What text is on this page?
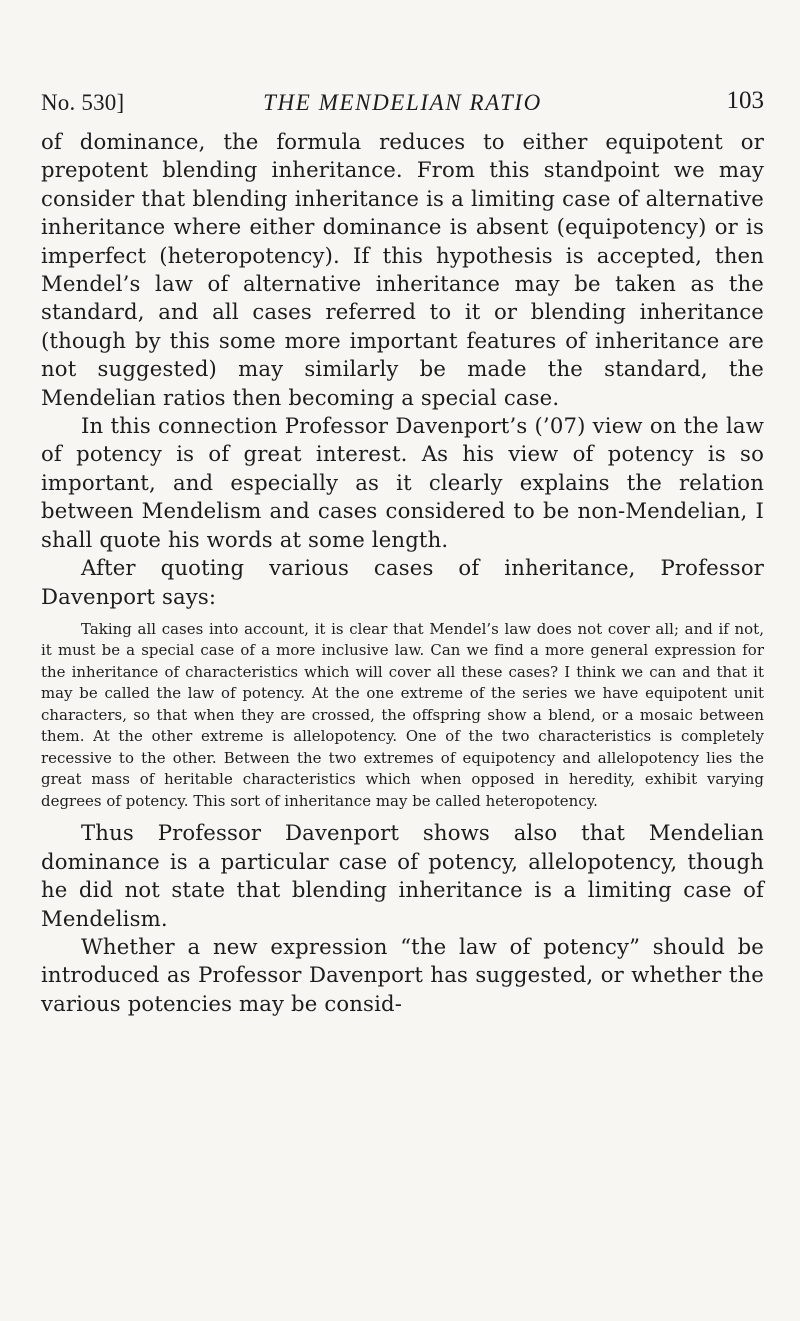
No. 530]	THE MENDELIAN RATIO	103

of dominance, the formula reduces to either equipotent or prepotent blending inheritance. From this standpoint we may consider that blending inheritance is a limiting case of alternative inheritance where either dominance is absent (equipotency) or is imperfect (heteropotency). If this hypothesis is accepted, then Mendel’s law of alternative inheritance may be taken as the standard, and all cases referred to it or blending inheritance (though by this some more important features of inheritance are not suggested) may similarly be made the standard, the Mendelian ratios then becoming a special case.

In this connection Professor Davenport’s (’07) view on the law of potency is of great interest. As his view of potency is so important, and especially as it clearly explains the relation between Mendelism and cases considered to be non-Mendelian, I shall quote his words at some length.

After quoting various cases of inheritance, Professor Davenport says:

Taking all cases into account, it is clear that Mendel’s law does not cover all; and if not, it must be a special case of a more inclusive law. Can we find a more general expression for the inheritance of characteristics which will cover all these cases? I think we can and that it may be called the law of potency. At the one extreme of the series we have equipotent unit characters, so that when they are crossed, the offspring show a blend, or a mosaic between them. At the other extreme is allelopotency. One of the two characteristics is completely recessive to the other. Between the two extremes of equipotency and allelopotency lies the great mass of heritable characteristics which when opposed in heredity, exhibit varying degrees of potency. This sort of inheritance may be called heteropotency.

Thus Professor Davenport shows also that Mendelian dominance is a particular case of potency, allelopotency, though he did not state that blending inheritance is a limiting case of Mendelism.

Whether a new expression “the law of potency” should be introduced as Professor Davenport has suggested, or whether the various potencies may be consid-
